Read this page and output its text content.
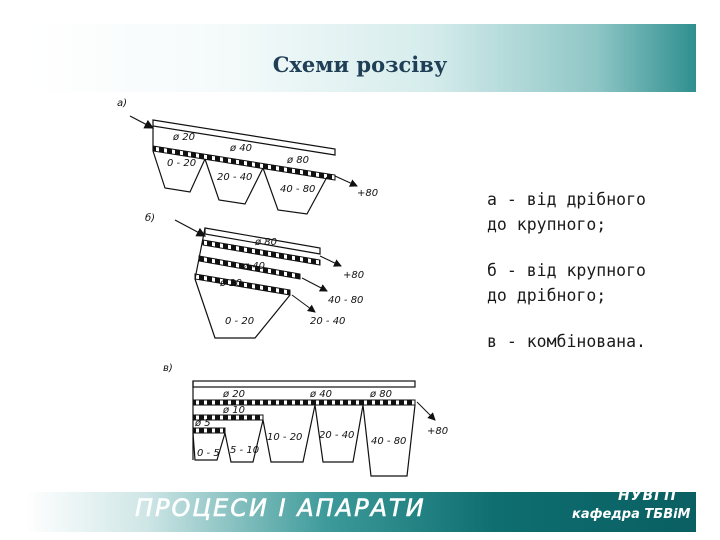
Схеми розсіву
а)
ø 20
ø 40
ø 80
0 - 20
20 - 40
40 - 80	+80
б)
ø 80
ø 40
ø 20
+80
40 - 80
20 - 40
0 - 20
в)
ø 20	ø 40	ø 80
ø 10
ø 5
0 - 5 5 - 10
10 - 20 20 - 40
40 - 80
+80
а - від дрібного
до крупного;
б - від крупного
до дрібного;
в - комбінована.
ПРОЦЕСИ І АПАРАТИ	НУВГП
кафедра ТБВіМ
